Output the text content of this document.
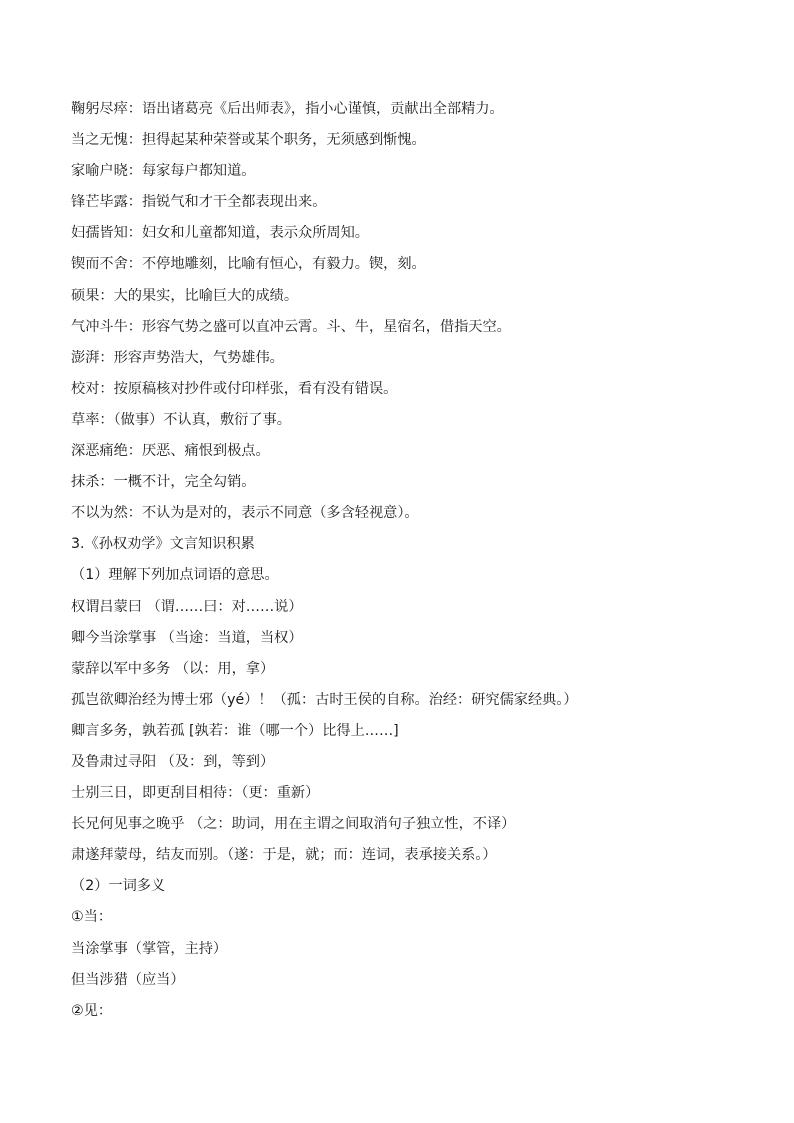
鞠躬尽瘁：语出诸葛亮《后出师表》，指小心谨慎，贡献出全部精力。
当之无愧：担得起某种荣誉或某个职务，无须感到惭愧。
家喻户晓：每家每户都知道。
锋芒毕露：指锐气和才干全都表现出来。
妇孺皆知：妇女和儿童都知道，表示众所周知。
锲而不舍：不停地雕刻，比喻有恒心，有毅力。锲，刻。
硕果：大的果实，比喻巨大的成绩。
气冲斗牛：形容气势之盛可以直冲云霄。斗、牛，星宿名，借指天空。
澎湃：形容声势浩大，气势雄伟。
校对：按原稿核对抄件或付印样张，看有没有错误。
草率：（做事）不认真，敷衍了事。
深恶痛绝：厌恶、痛恨到极点。
抹杀：一概不计，完全勾销。
不以为然：不认为是对的，表示不同意（多含轻视意）。
3.《孙权劝学》文言知识积累
（1）理解下列加点词语的意思。
权谓吕蒙曰 （谓……曰：对……说）
卿今当涂掌事 （当途：当道，当权）
蒙辞以军中多务 （以：用，拿）
孤岂欲卿治经为博士邪（yé）！（孤：古时王侯的自称。治经：研究儒家经典。）
卿言多务，孰若孤 [孰若：谁（哪一个）比得上……]
及鲁肃过寻阳 （及：到，等到）
士别三日，即更刮目相待：（更：重新）
长兄何见事之晚乎 （之：助词，用在主谓之间取消句子独立性，不译）
肃遂拜蒙母，结友而别。（遂：于是，就；而：连词，表承接关系。）
（2）一词多义
①当：
当涂掌事（掌管，主持）
但当涉猎（应当）
②见：
